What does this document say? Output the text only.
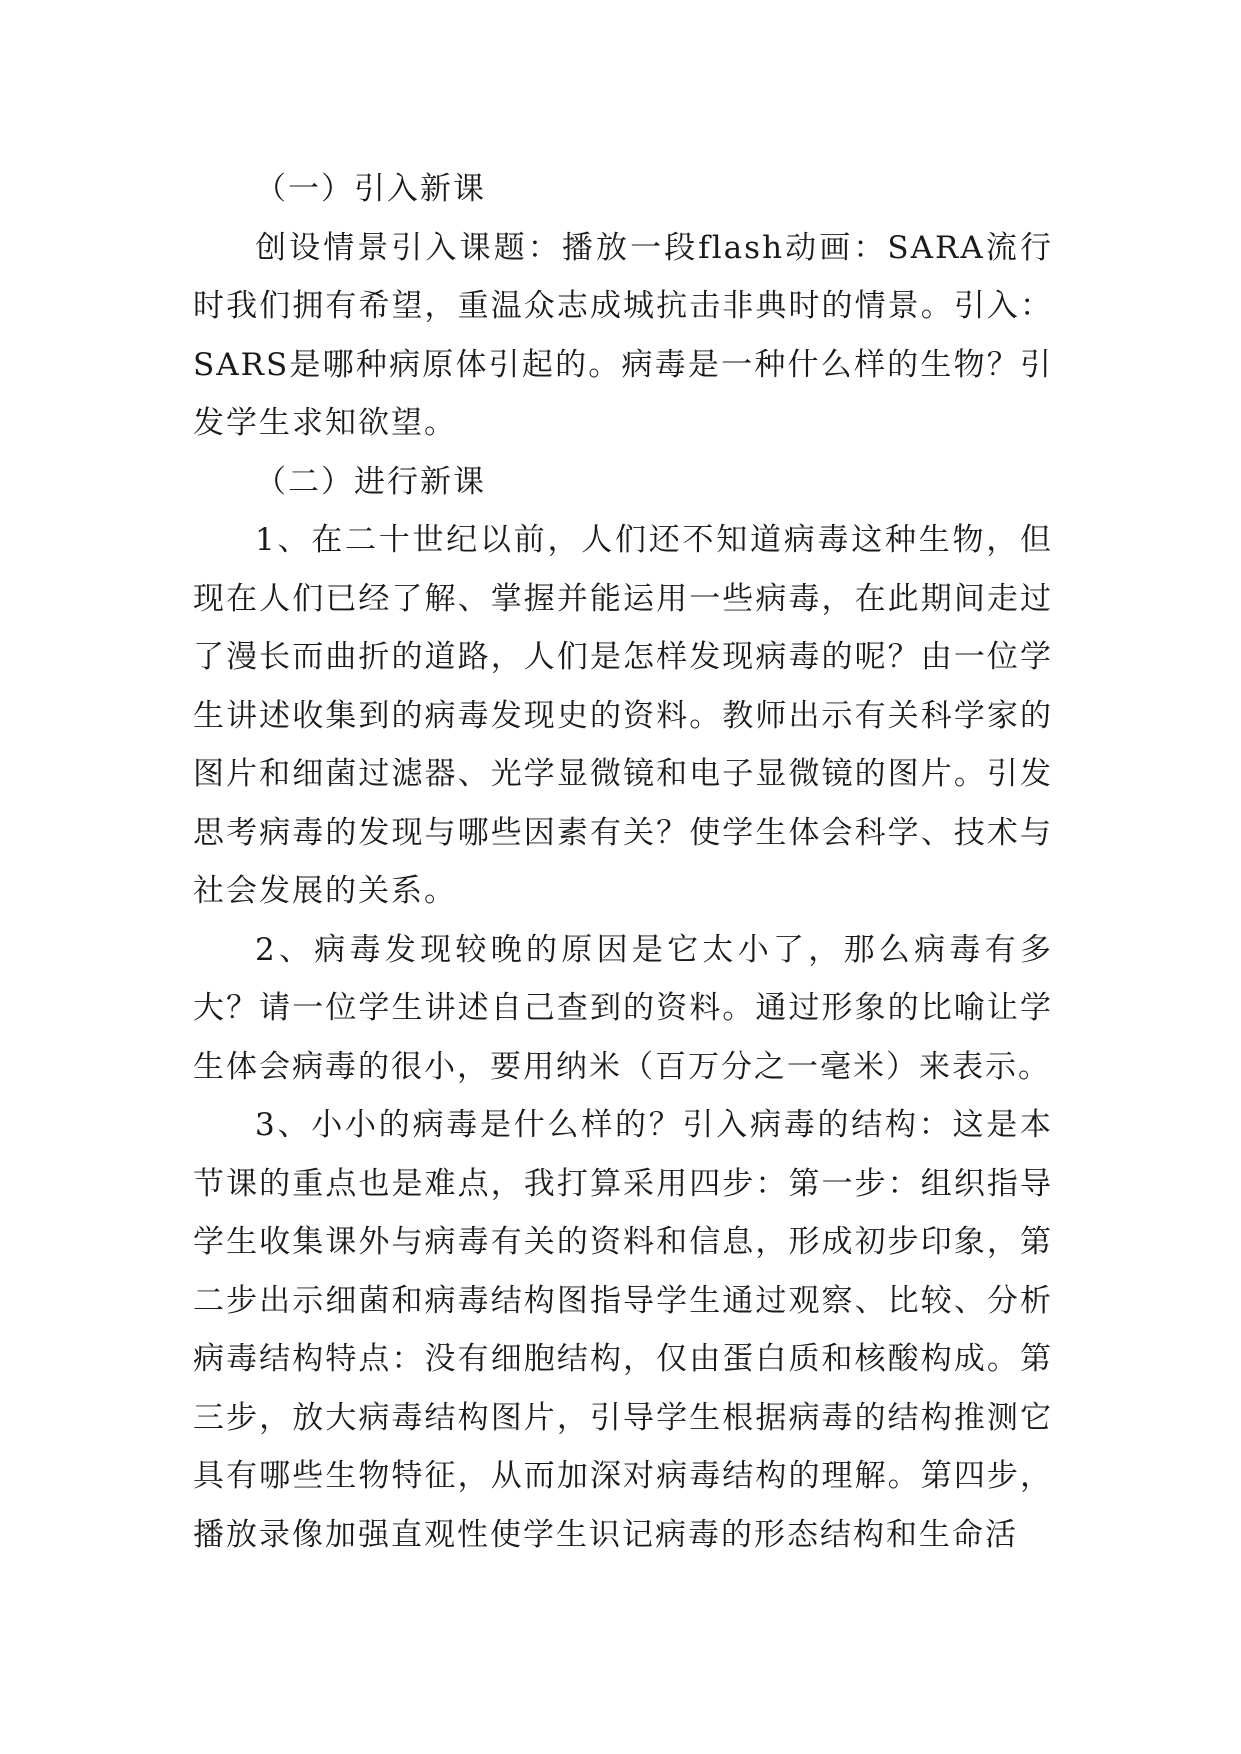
（一）引入新课

创设情景引入课题：播放一段flash动画：SARA流行时我们拥有希望，重温众志成城抗击非典时的情景。引入：SARS是哪种病原体引起的。病毒是一种什么样的生物？引发学生求知欲望。

（二）进行新课

1、在二十世纪以前，人们还不知道病毒这种生物，但现在人们已经了解、掌握并能运用一些病毒，在此期间走过了漫长而曲折的道路，人们是怎样发现病毒的呢？由一位学生讲述收集到的病毒发现史的资料。教师出示有关科学家的图片和细菌过滤器、光学显微镜和电子显微镜的图片。引发思考病毒的发现与哪些因素有关？使学生体会科学、技术与社会发展的关系。

2、病毒发现较晚的原因是它太小了，那么病毒有多大？请一位学生讲述自己查到的资料。通过形象的比喻让学生体会病毒的很小，要用纳米（百万分之一毫米）来表示。

3、小小的病毒是什么样的？引入病毒的结构：这是本节课的重点也是难点，我打算采用四步：第一步：组织指导学生收集课外与病毒有关的资料和信息，形成初步印象，第二步出示细菌和病毒结构图指导学生通过观察、比较、分析病毒结构特点：没有细胞结构，仅由蛋白质和核酸构成。第三步，放大病毒结构图片，引导学生根据病毒的结构推测它具有哪些生物特征，从而加深对病毒结构的理解。第四步，播放录像加强直观性使学生识记病毒的形态结构和生命活
